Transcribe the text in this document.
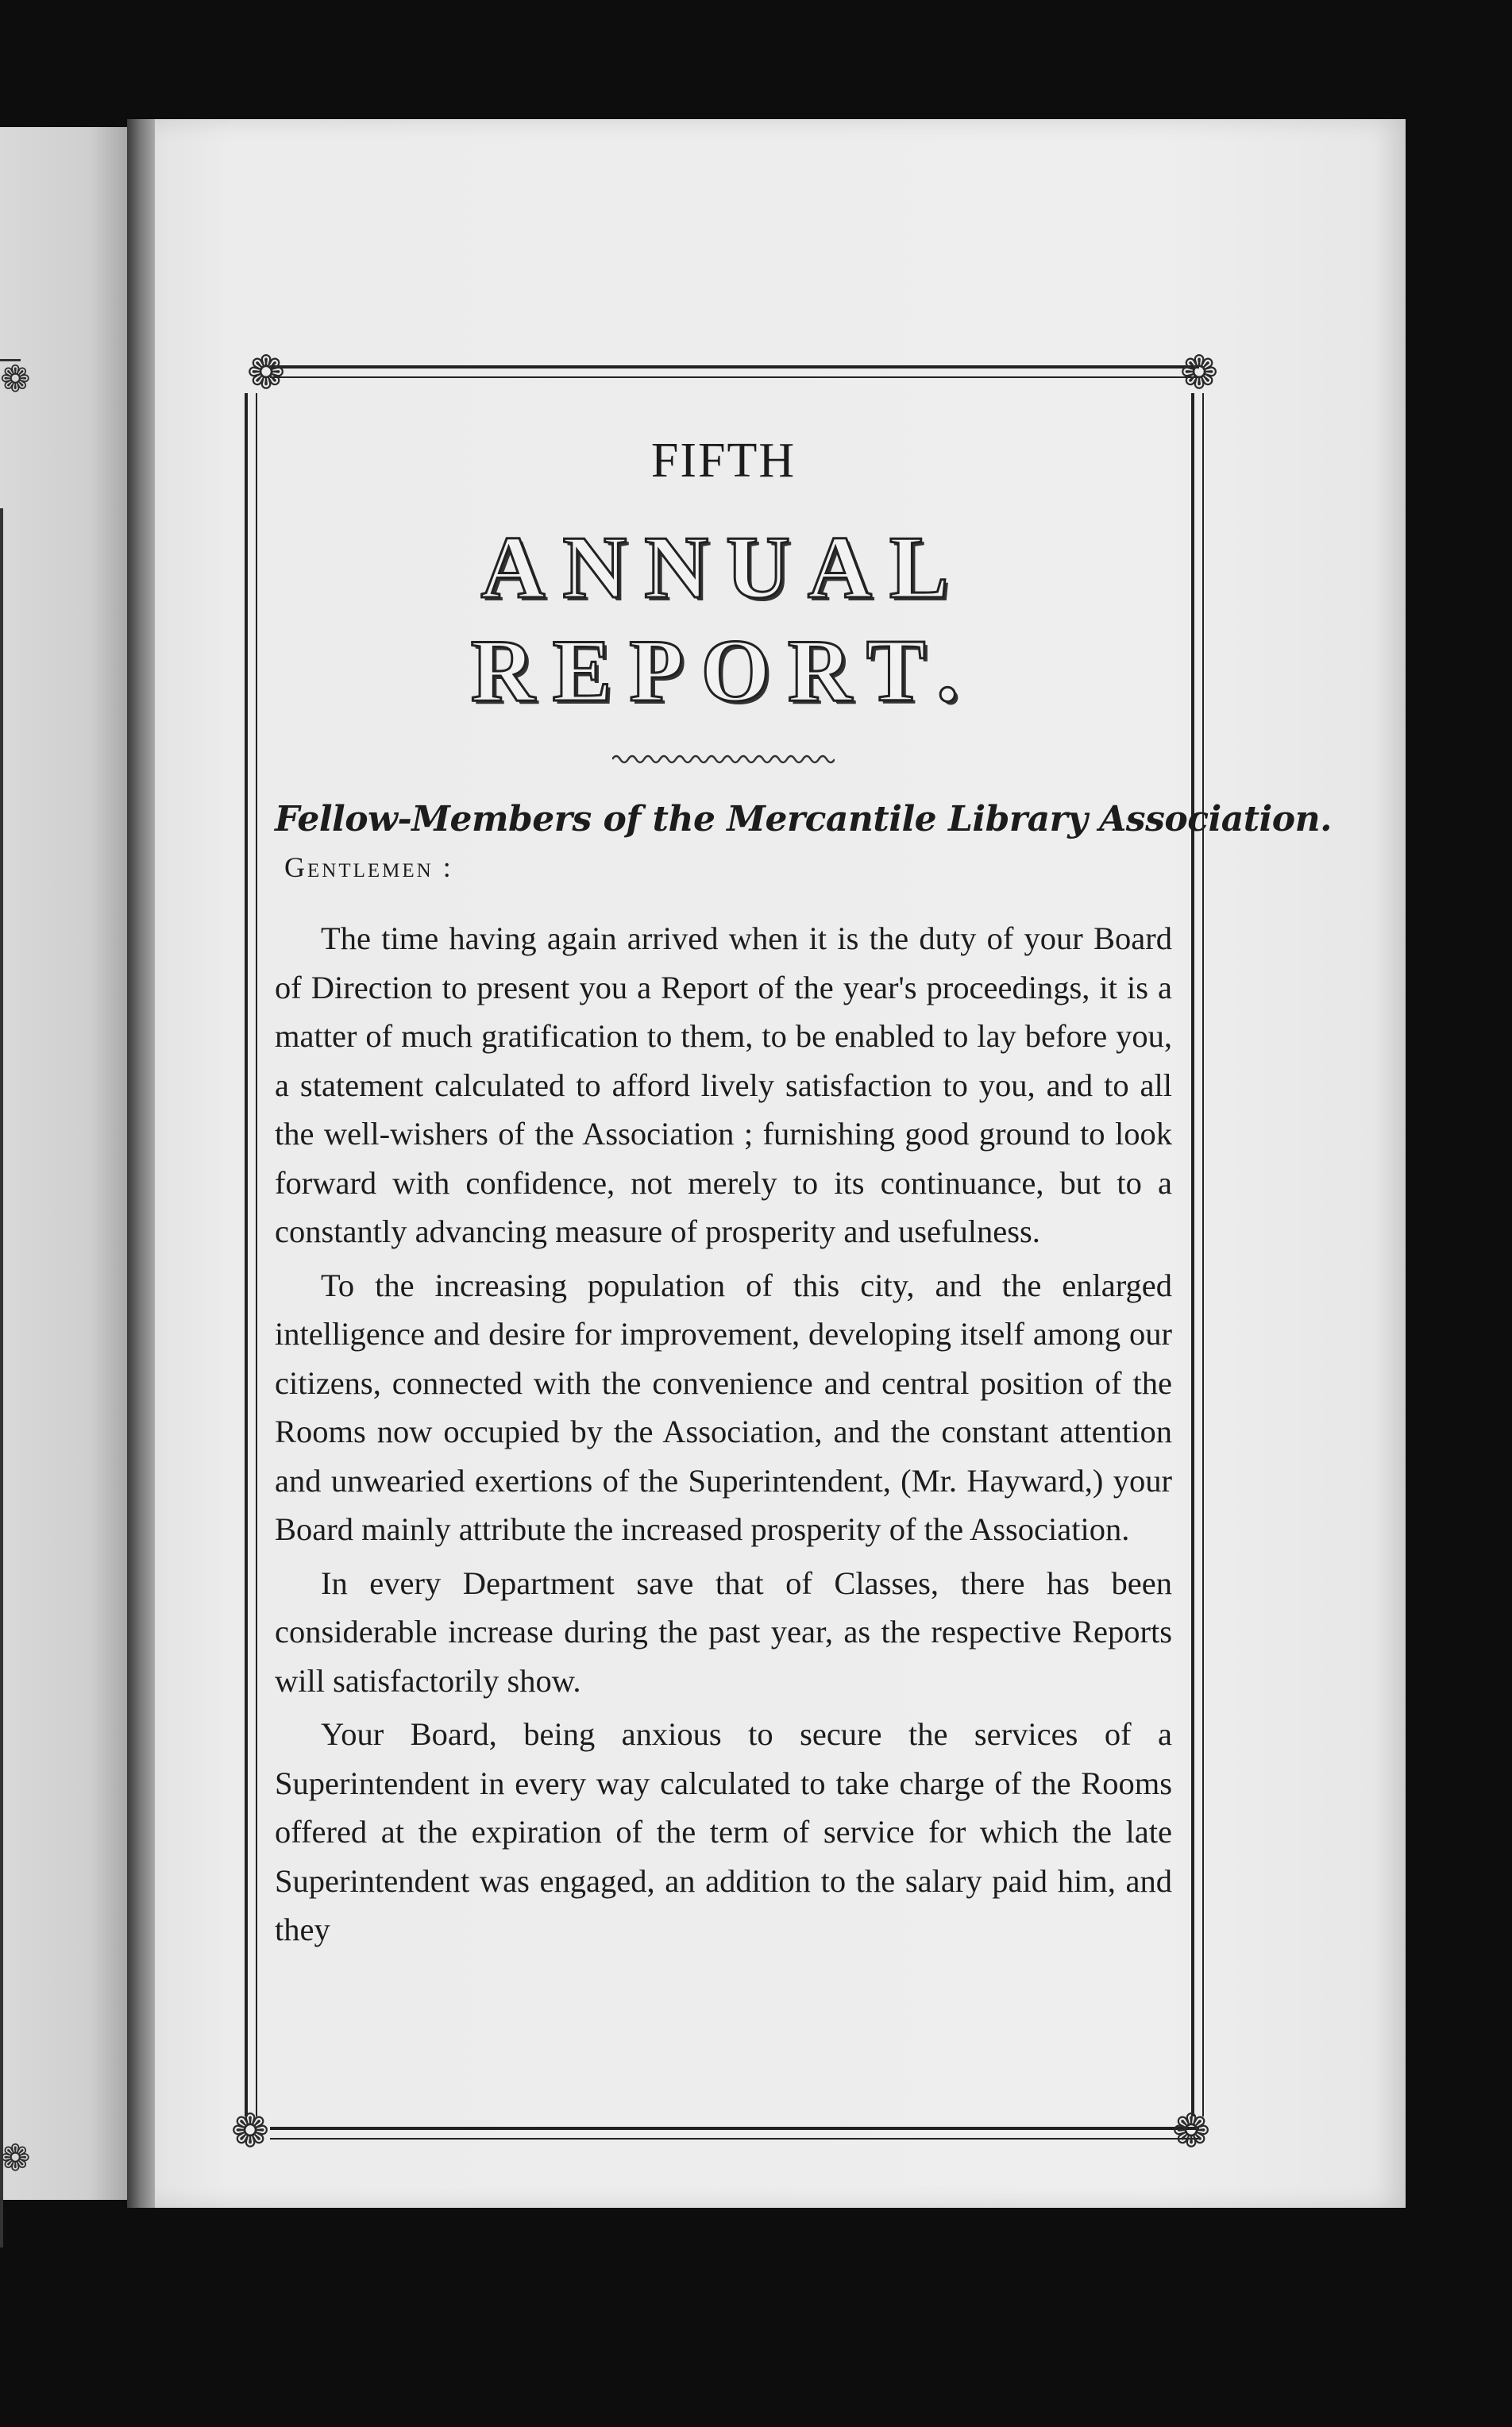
❁
❁
❁	❁
❁	❁
FIFTH
ANNUAL REPORT.

Fellow-Members of the Mercantile Library Association.

Gentlemen :

The time having again arrived when it is the duty of your Board of Direction to present you a Report of the year's proceedings, it is a matter of much gratification to them, to be enabled to lay before you, a statement calculated to afford lively satisfaction to you, and to all the well-wishers of the Association ; furnishing good ground to look forward with confidence, not merely to its continuance, but to a constantly advancing measure of prosperity and usefulness.

To the increasing population of this city, and the enlarged intelligence and desire for improvement, developing itself among our citizens, connected with the convenience and central position of the Rooms now occupied by the Association, and the constant attention and unwearied exertions of the Superintendent, (Mr. Hayward,) your Board mainly attribute the increased prosperity of the Association.

In every Department save that of Classes, there has been considerable increase during the past year, as the respective Reports will satisfactorily show.

Your Board, being anxious to secure the services of a Superintendent in every way calculated to take charge of the Rooms offered at the expiration of the term of service for which the late Superintendent was engaged, an addition to the salary paid him, and they
